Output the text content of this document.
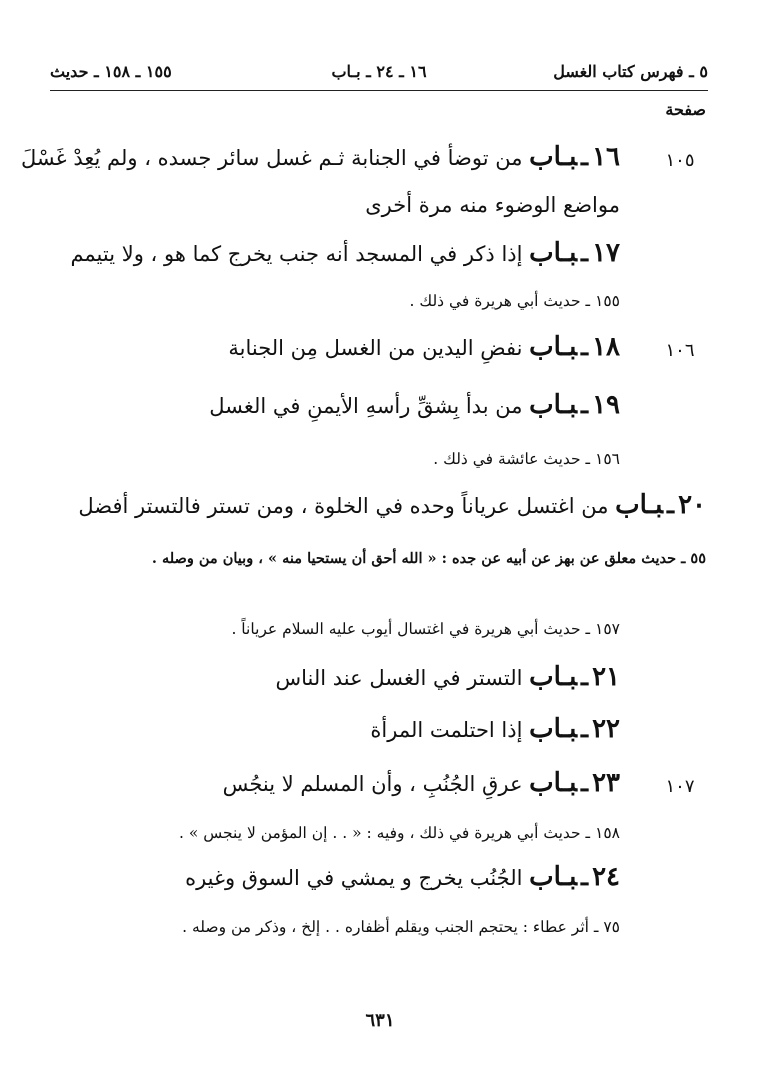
٥ ـ فهرس كتاب الغسل
١٦ ـ ٢٤ ـ بـاب
١٥٥ ـ ١٥٨ ـ حديث
صفحة
١٠٥
١٦ـبـاب من توضأ في الجنابة ثـم غسل سائر جسده ، ولم يُعِدْ غَسْلَ
مواضع الوضوء منه مرة أخرى
١٧ـبـاب إذا ذكر في المسجد أنه جنب يخرج كما هو ، ولا يتيمم
١٥٥ ـ حديث أبي هريرة في ذلك .
١٠٦
١٨ـبـاب نفضِ اليدين من الغسل مِن الجنابة
١٩ـبـاب من بدأ بِشقِّ رأسهِ الأيمنِ في الغسل
١٥٦ ـ حديث عائشة في ذلك .
٢٠ـبـاب من اغتسل عرياناً وحده في الخلوة ، ومن تستر فالتستر أفضل
٥٥ ـ حديث معلق عن بهز عن أبيه عن جده : « الله أحق أن يستحيا منه » ، وبيان من وصله .
١٥٧ ـ حديث أبي هريرة في اغتسال أيوب عليه السلام عرياناً .
٢١ـبـاب التستر في الغسل عند الناس
٢٢ـبـاب إذا احتلمت المرأة
١٠٧
٢٣ـبـاب عرقِ الجُنُبِ ، وأن المسلم لا ينجُس
١٥٨ ـ حديث أبي هريرة في ذلك ، وفيه : « . . إن المؤمن لا ينجس » .
٢٤ـبـاب الجُنُب يخرج و يمشي في السوق وغيره
٧٥ ـ أثر عطاء : يحتجم الجنب ويقلم أظفاره . . إلخ ، وذكر من وصله .
٦٣١
